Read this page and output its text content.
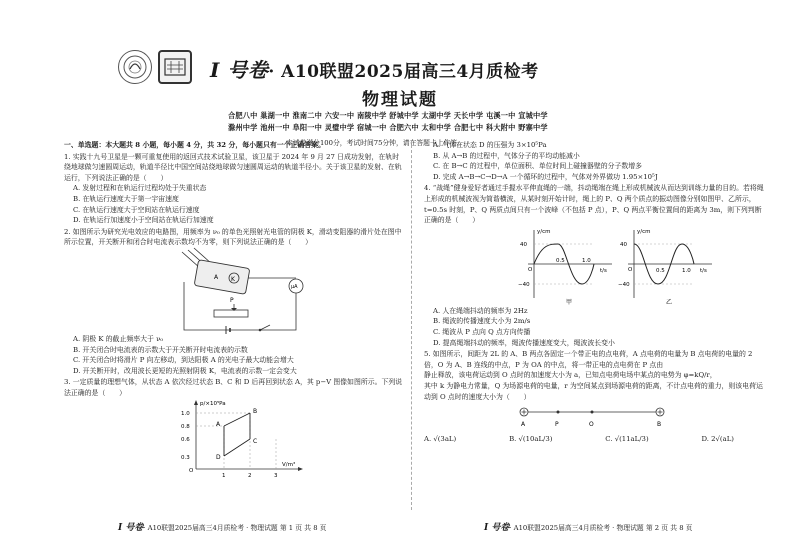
I 号卷· A10联盟2025届高三4月质检考
物理试题
合肥八中 巢湖一中 淮南二中 六安一中 南陵中学 舒城中学 太湖中学 天长中学 屯溪一中 宣城中学
滁州中学 池州一中 阜阳一中 灵璧中学 宿城一中 合肥六中 太和中学 合肥七中 科大附中 野寨中学
本试卷满分100分，考试时间75分钟，请在答题卡上作答。
一、单选题：本大题共 8 小题，每小题 4 分，共 32 分，每小题只有一个正确答案。
1. 实践十九号卫星是一颗可重复使用的返回式技术试验卫星，该卫星于 2024 年 9 月 27 日成功发射，在轨时绕地球做匀速圆周运动，轨道半径比中国空间站绕地球做匀速圆周运动的轨道半径小。关于该卫星的发射、在轨运行，下列说法正确的是（　　）
A. 发射过程和在轨运行过程均处于失重状态
B. 在轨运行速度大于第一宇宙速度
C. 在轨运行速度大于空间站在轨运行速度
D. 在轨运行加速度小于空间站在轨运行加速度
2. 如图所示为研究光电效应的电路图，用频率为 ν₀ 的单色光照射光电管的阴极 K，滑动变阻器的滑片处在图中所示位置，开关断开和闭合时电流表示数均不为零，则下列说法正确的是（　　）
A K
μA
P
A. 阴极 K 的截止频率大于 ν₀
B. 开关闭合时电流表的示数大于开关断开时电流表的示数
C. 开关闭合时将滑片 P 向左移动，到达阳极 A 的光电子最大动能会增大
D. 开关断开时，改用波长更短的光照射阴极 K，电流表的示数一定会变大
3. 一定质量的理想气体，从状态 A 依次经过状态 B、C 和 D 后再回到状态 A，其 p−V 图像如图所示。下列说法正确的是（　　）
p/×10⁵Pa
V/m³
O
1.0
0.8
0.6
0.3
1	2	3
A
B
C
D
A. 气体在状态 D 的压强为 3×10⁵Pa
B. 从 A→B 的过程中，气体分子的平均动能减小
C. 在 B→C 的过程中，单位面积、单位时间上碰撞器壁的分子数增多
D. 完成 A→B→C→D→A 一个循环的过程中，气体对外界做功 1.95×10⁵J
4. “战绳”健身爱好者通过手握水平伸直绳的一端，抖动绳端在绳上形成机械波从而达到训练力量的目的。若将绳上形成的机械波视为简谐横波，从某时刻开始计时，绳上的 P、Q 两个质点的振动图像分别如图甲、乙所示，t=0.5s 时刻，P、Q 两质点间只有一个波峰（不包括 P 点），P、Q 两点平衡位置间的距离为 3m，则下列判断正确的是（　　）
y/cm
t/s
O
40
−40
0.5	1.0
甲
y/cm
t/s
O
40
−40
0.5	1.0
乙
A. 人在绳端抖动的频率为 2Hz
B. 绳波的传播速度大小为 2m/s
C. 绳波从 P 点向 Q 点方向传播
D. 提高绳端抖动的频率，绳波传播速度变大，绳波波长变小
5. 如图所示，间距为 2L 的 A、B 两点各固定一个带正电的点电荷，A 点电荷的电量为 B 点电荷的电量的 2 倍，O 为 A、B 连线的中点，P 为 OA 的中点，将一带正电的点电荷在 P 点由
静止释放，该电荷运动到 O 点时的加速度大小为 a，已知点电荷电场中某点的电势为 φ=kQ/r，
其中 k 为静电力常量，Q 为场源电荷的电量，r 为空间某点到场源电荷的距离，不计点电荷的重力，则该电荷运动到 O 点时的速度大小为（　　）
A	P	O	B
A. √(3aL)	B. √(10aL/3)	C. √(11aL/3)	D. 2√(aL)
I 号卷· A10联盟2025届高三4月质检考 · 物理试题 第 1 页 共 8 页	I 号卷· A10联盟2025届高三4月质检考 · 物理试题 第 2 页 共 8 页
